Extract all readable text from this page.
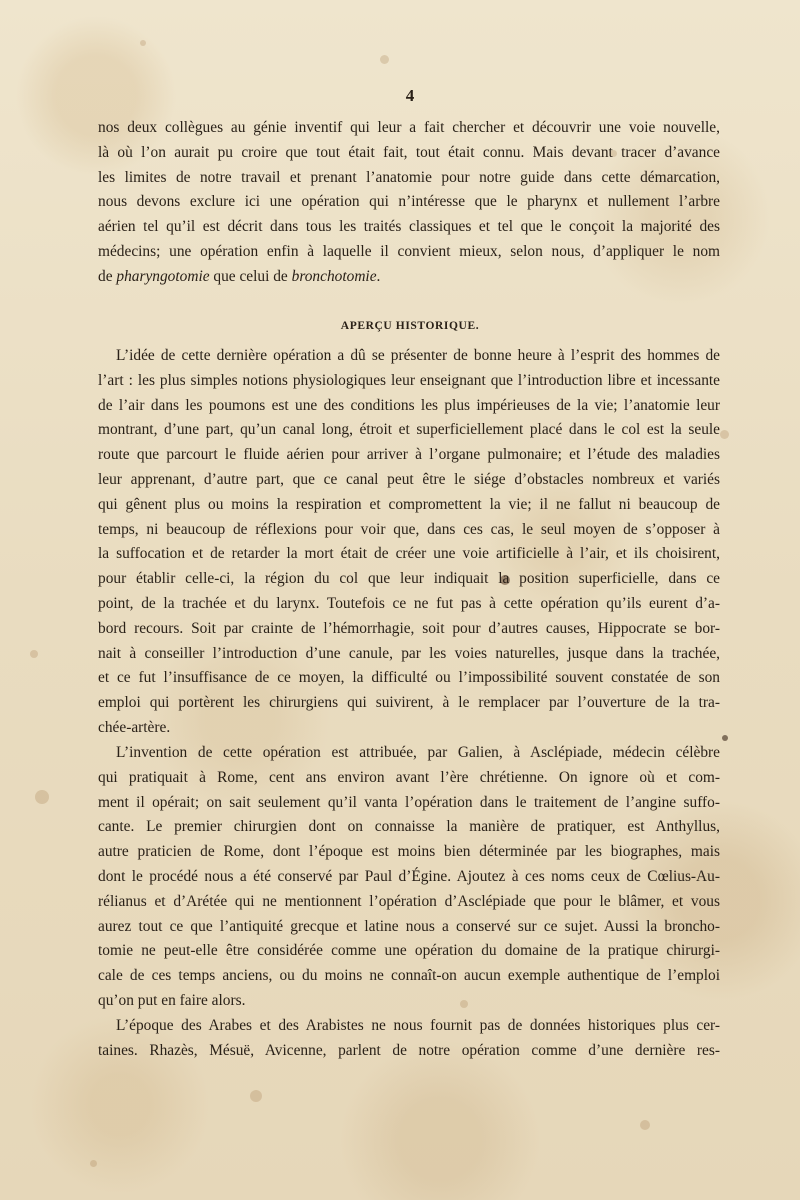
4
nos deux collègues au génie inventif qui leur a fait chercher et découvrir une voie nouvelle,
là où l’on aurait pu croire que tout était fait, tout était connu. Mais devant tracer d’avance
les limites de notre travail et prenant l’anatomie pour notre guide dans cette démarcation,
nous devons exclure ici une opération qui n’intéresse que le pharynx et nullement l’arbre
aérien tel qu’il est décrit dans tous les traités classiques et tel que le conçoit la majorité des
médecins; une opération enfin à laquelle il convient mieux, selon nous, d’appliquer le nom
de pharyngotomie que celui de bronchotomie.
APERÇU HISTORIQUE.
L’idée de cette dernière opération a dû se présenter de bonne heure à l’esprit des hommes de
l’art : les plus simples notions physiologiques leur enseignant que l’introduction libre et incessante
de l’air dans les poumons est une des conditions les plus impérieuses de la vie; l’anatomie leur
montrant, d’une part, qu’un canal long, étroit et superficiellement placé dans le col est la seule
route que parcourt le fluide aérien pour arriver à l’organe pulmonaire; et l’étude des maladies
leur apprenant, d’autre part, que ce canal peut être le siége d’obstacles nombreux et variés
qui gênent plus ou moins la respiration et compromettent la vie; il ne fallut ni beaucoup de
temps, ni beaucoup de réflexions pour voir que, dans ces cas, le seul moyen de s’opposer à
la suffocation et de retarder la mort était de créer une voie artificielle à l’air, et ils choisirent,
pour établir celle-ci, la région du col que leur indiquait la position superficielle, dans ce
point, de la trachée et du larynx. Toutefois ce ne fut pas à cette opération qu’ils eurent d’a-
bord recours. Soit par crainte de l’hémorrhagie, soit pour d’autres causes, Hippocrate se bor-
nait à conseiller l’introduction d’une canule, par les voies naturelles, jusque dans la trachée,
et ce fut l’insuffisance de ce moyen, la difficulté ou l’impossibilité souvent constatée de son
emploi qui portèrent les chirurgiens qui suivirent, à le remplacer par l’ouverture de la tra-
chée-artère.
L’invention de cette opération est attribuée, par Galien, à Asclépiade, médecin célèbre
qui pratiquait à Rome, cent ans environ avant l’ère chrétienne. On ignore où et com-
ment il opérait; on sait seulement qu’il vanta l’opération dans le traitement de l’angine suffo-
cante. Le premier chirurgien dont on connaisse la manière de pratiquer, est Anthyllus,
autre praticien de Rome, dont l’époque est moins bien déterminée par les biographes, mais
dont le procédé nous a été conservé par Paul d’Égine. Ajoutez à ces noms ceux de Cœlius-Au-
rélianus et d’Arétée qui ne mentionnent l’opération d’Asclépiade que pour le blâmer, et vous
aurez tout ce que l’antiquité grecque et latine nous a conservé sur ce sujet. Aussi la broncho-
tomie ne peut-elle être considérée comme une opération du domaine de la pratique chirurgi-
cale de ces temps anciens, ou du moins ne connaît-on aucun exemple authentique de l’emploi
qu’on put en faire alors.
L’époque des Arabes et des Arabistes ne nous fournit pas de données historiques plus cer-
taines. Rhazès, Mésuë, Avicenne, parlent de notre opération comme d’une dernière res-
